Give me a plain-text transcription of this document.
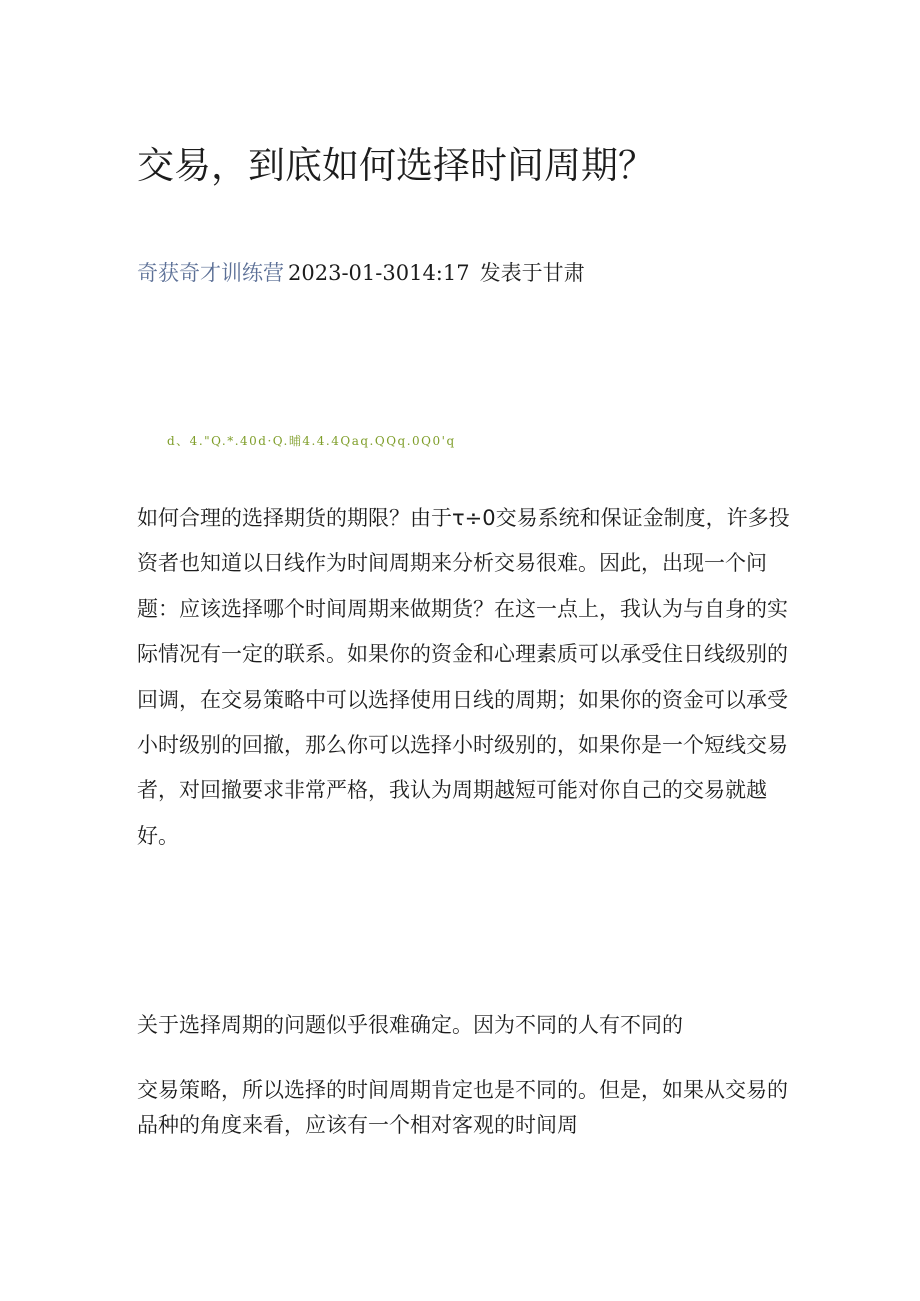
交易，到底如何选择时间周期？
奇获奇才训练营 2023-01-3014:17 发表于甘肃
d、4."Q.*.40d·Q.晡4.4.4Qaq.QQq.0Q0'q

如何合理的选择期货的期限？由于τ÷0交易系统和保证金制度，许多投资者也知道以日线作为时间周期来分析交易很难。因此，出现一个问题：应该选择哪个时间周期来做期货？在这一点上，我认为与自身的实际情况有一定的联系。如果你的资金和心理素质可以承受住日线级别的回调，在交易策略中可以选择使用日线的周期；如果你的资金可以承受小时级别的回撤，那么你可以选择小时级别的，如果你是一个短线交易者，对回撤要求非常严格，我认为周期越短可能对你自己的交易就越好。

关于选择周期的问题似乎很难确定。因为不同的人有不同的

交易策略，所以选择的时间周期肯定也是不同的。但是，如果从交易的品种的角度来看，应该有一个相对客观的时间周
